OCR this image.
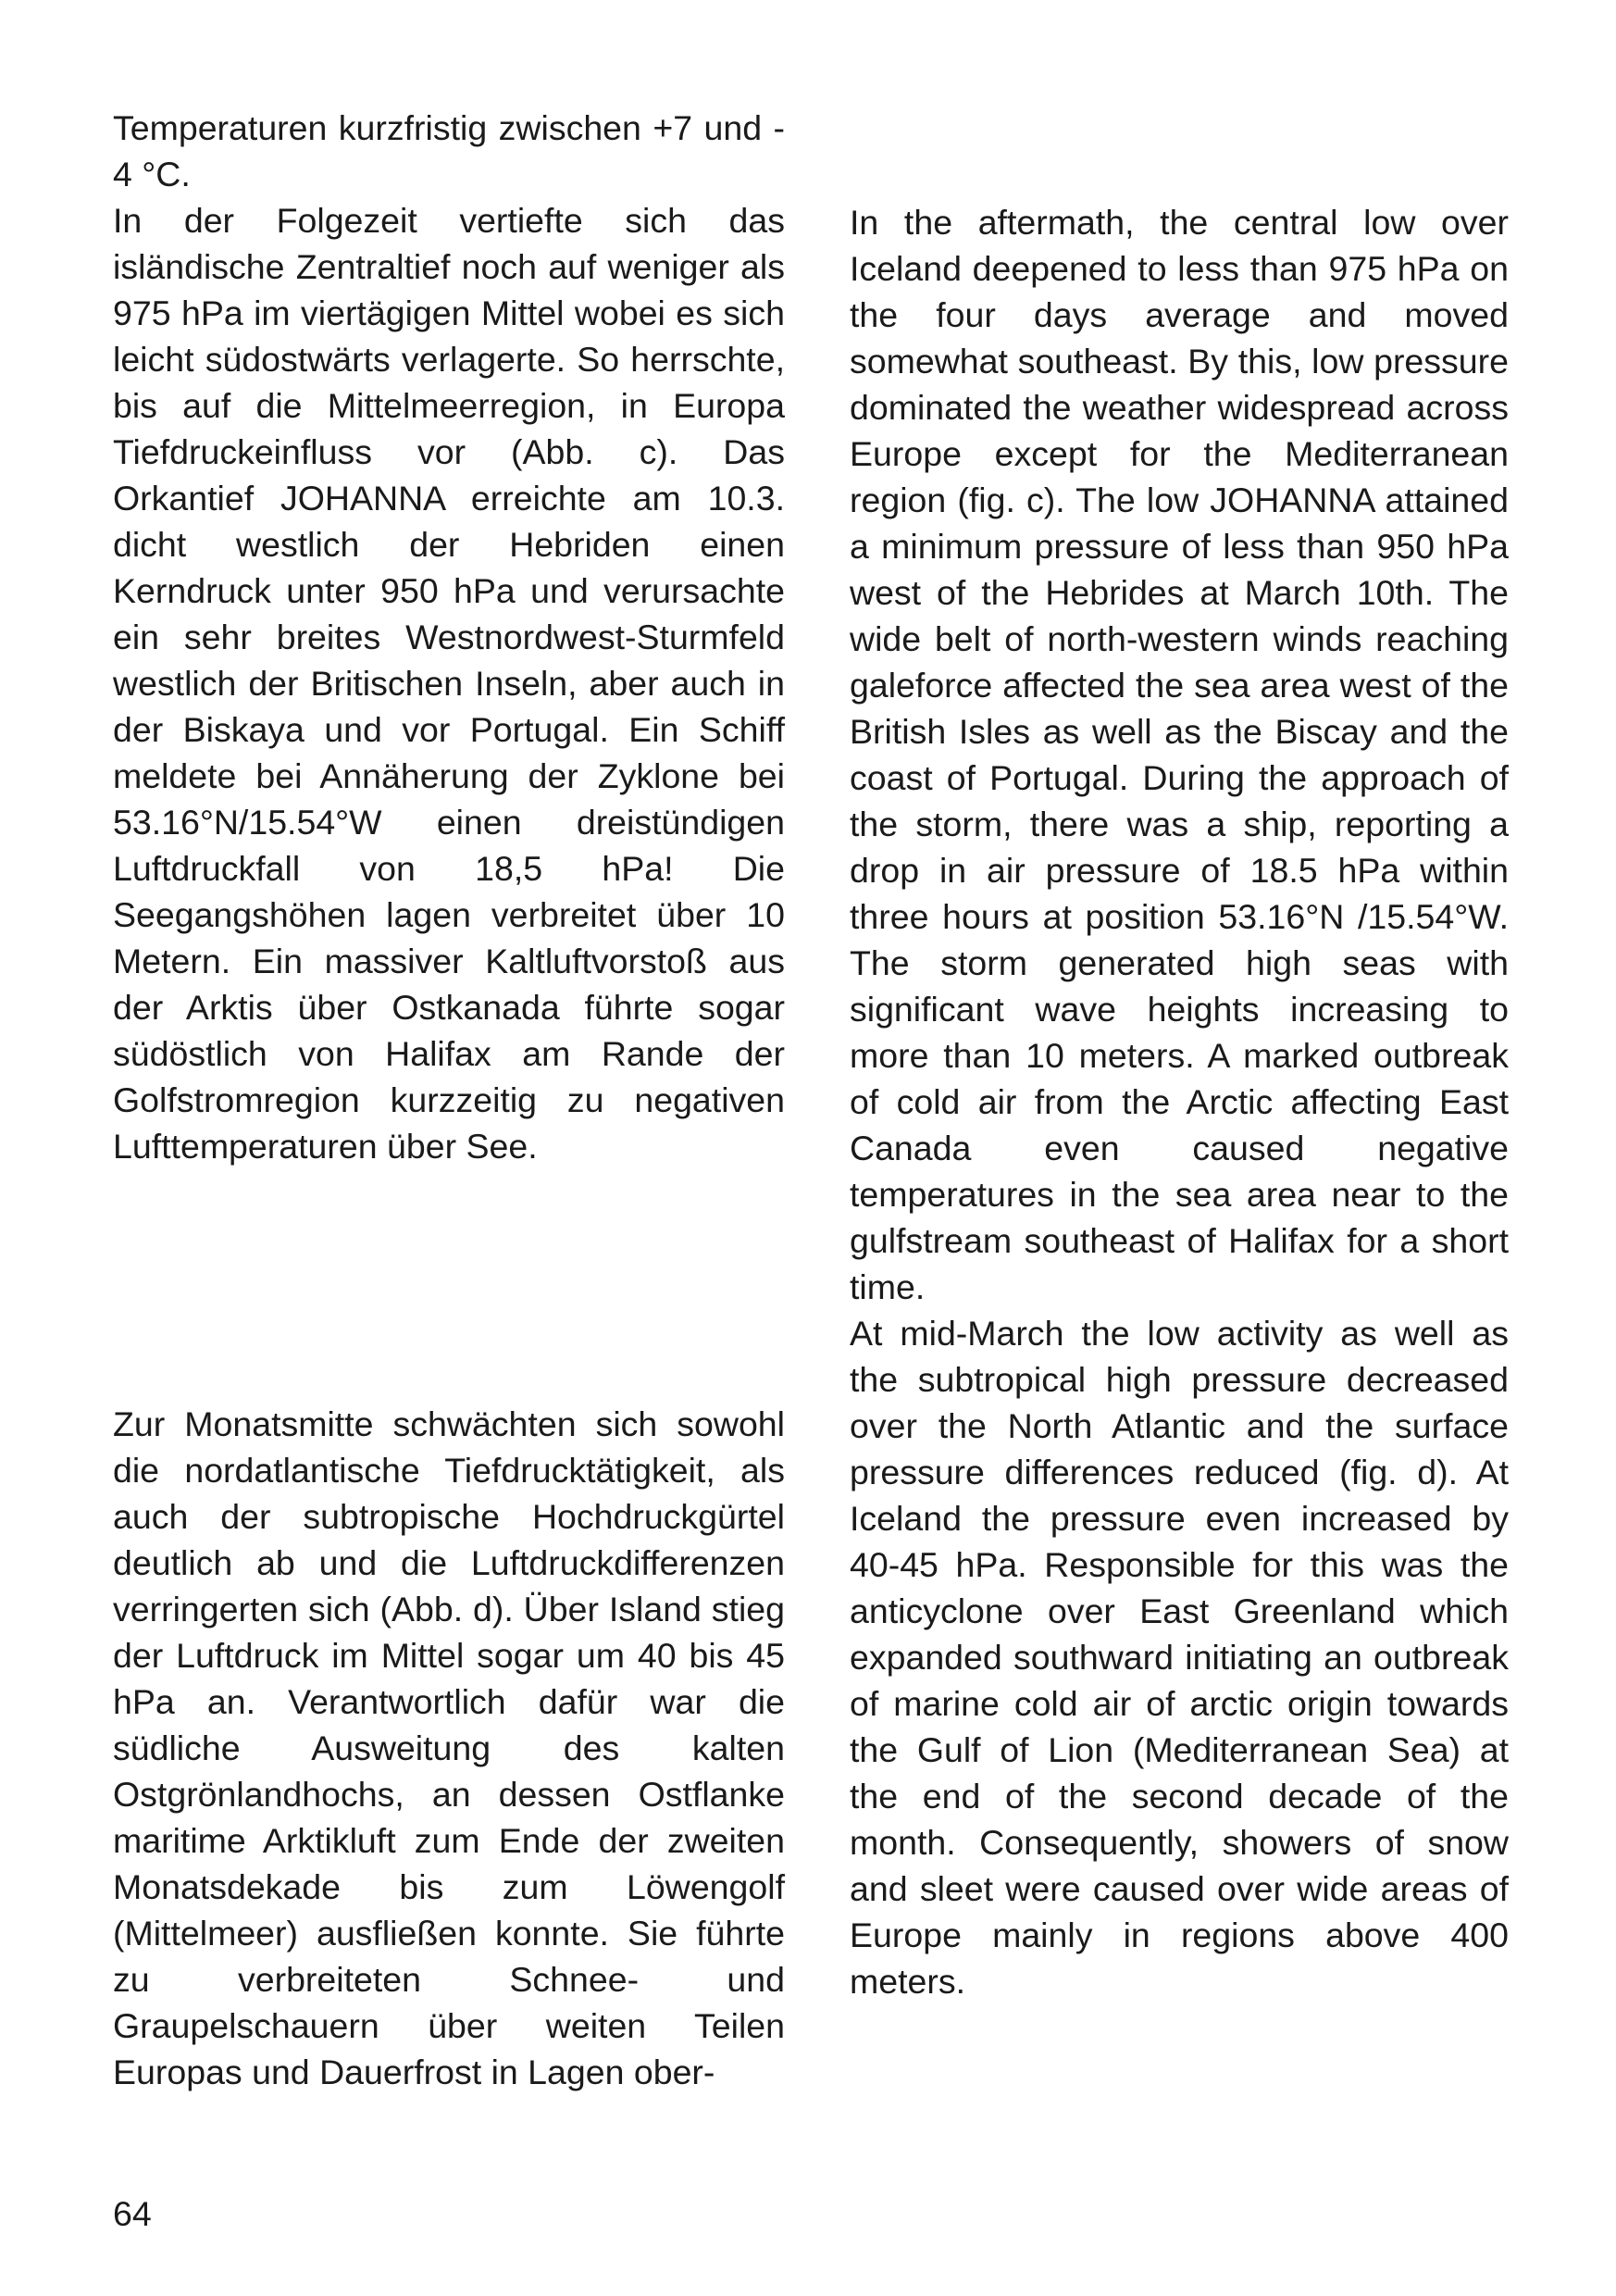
Temperaturen kurzfristig zwischen +7 und - 4 °C.

In der Folgezeit vertiefte sich das isländische Zentraltief noch auf weniger als 975 hPa im viertägigen Mittel wobei es sich leicht südostwärts verlagerte. So herrschte, bis auf die Mittelmeerregion, in Europa Tiefdruckeinfluss vor (Abb. c). Das Orkantief JOHANNA erreichte am 10.3. dicht westlich der Hebriden einen Kerndruck unter 950 hPa und verursachte ein sehr breites Westnordwest-Sturmfeld westlich der Britischen Inseln, aber auch in der Biskaya und vor Portugal. Ein Schiff meldete bei Annäherung der Zyklone bei 53.16°N/15.54°W einen dreistündigen Luftdruckfall von 18,5 hPa! Die Seegangshöhen lagen verbreitet über 10 Metern. Ein massiver Kaltluftvorstoß aus der Arktis über Ostkanada führte sogar südöstlich von Halifax am Rande der Golfstromregion kurzzeitig zu negativen Lufttemperaturen über See.

Zur Monatsmitte schwächten sich sowohl die nordatlantische Tiefdrucktätigkeit, als auch der subtropische Hochdruckgürtel deutlich ab und die Luftdruckdifferenzen verringerten sich (Abb. d). Über Island stieg der Luftdruck im Mittel sogar um 40 bis 45 hPa an. Verantwortlich dafür war die südliche Ausweitung des kalten Ostgrönlandhochs, an dessen Ostflanke maritime Arktikluft zum Ende der zweiten Monatsdekade bis zum Löwengolf (Mittelmeer) ausfließen konnte. Sie führte zu verbreiteten Schnee- und Graupelschauern über weiten Teilen Europas und Dauerfrost in Lagen ober-

In the aftermath, the central low over Iceland deepened to less than 975 hPa on the four days average and moved somewhat southeast. By this, low pressure dominated the weather widespread across Europe except for the Mediterranean region (fig. c). The low JOHANNA attained a minimum pressure of less than 950 hPa west of the Hebrides at March 10th. The wide belt of north-western winds reaching galeforce affected the sea area west of the British Isles as well as the Biscay and the coast of Portugal. During the approach of the storm, there was a ship, reporting a drop in air pressure of 18.5 hPa within three hours at position 53.16°N /15.54°W. The storm generated high seas with significant wave heights increasing to more than 10 meters. A marked outbreak of cold air from the Arctic affecting East Canada even caused negative temperatures in the sea area near to the gulfstream southeast of Halifax for a short time.

At mid-March the low activity as well as the subtropical high pressure decreased over the North Atlantic and the surface pressure differences reduced (fig. d). At Iceland the pressure even increased by 40-45 hPa. Responsible for this was the anticyclone over East Greenland which expanded southward initiating an outbreak of marine cold air of arctic origin towards the Gulf of Lion (Mediterranean Sea) at the end of the second decade of the month. Consequently, showers of snow and sleet were caused over wide areas of Europe mainly in regions above 400 meters.

64
